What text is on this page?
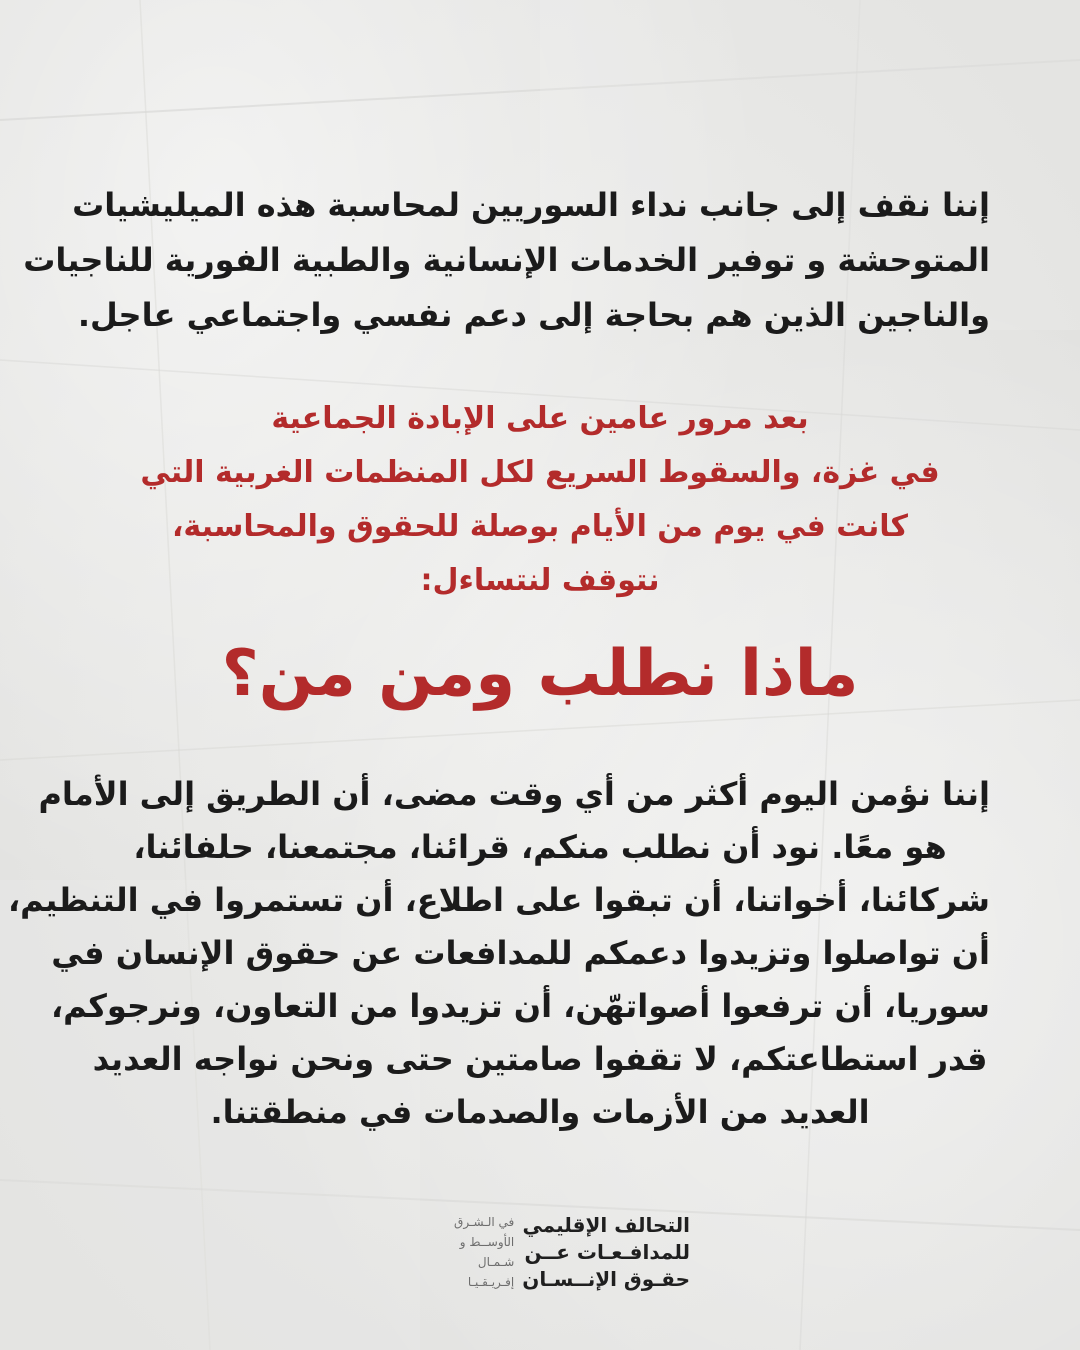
إننا نقف إلى جانب نداء السوريين لمحاسبة هذه الميليشيات
المتوحشة و توفير الخدمات الإنسانية والطبية الفورية للناجيات
والناجين الذين هم بحاجة إلى دعم نفسي واجتماعي عاجل.

بعد مرور عامين على الإبادة الجماعية
في غزة، والسقوط السريع لكل المنظمات الغربية التي
كانت في يوم من الأيام بوصلة للحقوق والمحاسبة،
نتوقف لنتساءل:

ماذا نطلب ومن من؟

إننا نؤمن اليوم أكثر من أي وقت مضى، أن الطريق إلى الأمام
هو معًا. نود أن نطلب منكم، قرائنا، مجتمعنا، حلفائنا،
شركائنا، أخواتنا، أن تبقوا على اطلاع، أن تستمروا في التنظيم،
أن تواصلوا وتزيدوا دعمكم للمدافعات عن حقوق الإنسان في
سوريا، أن ترفعوا أصواتهّن، أن تزيدوا من التعاون، ونرجوكم،
قدر استطاعتكم، لا تقفوا صامتين حتى ونحن نواجه العديد
العديد من الأزمات والصدمات في منطقتنا.

التحالف الإقليمي
للمدافـعـات عــن
حقـوق الإنــسـان
في الـشـرق
الأوســط و
شـمـال
إفـريـقـيـا
